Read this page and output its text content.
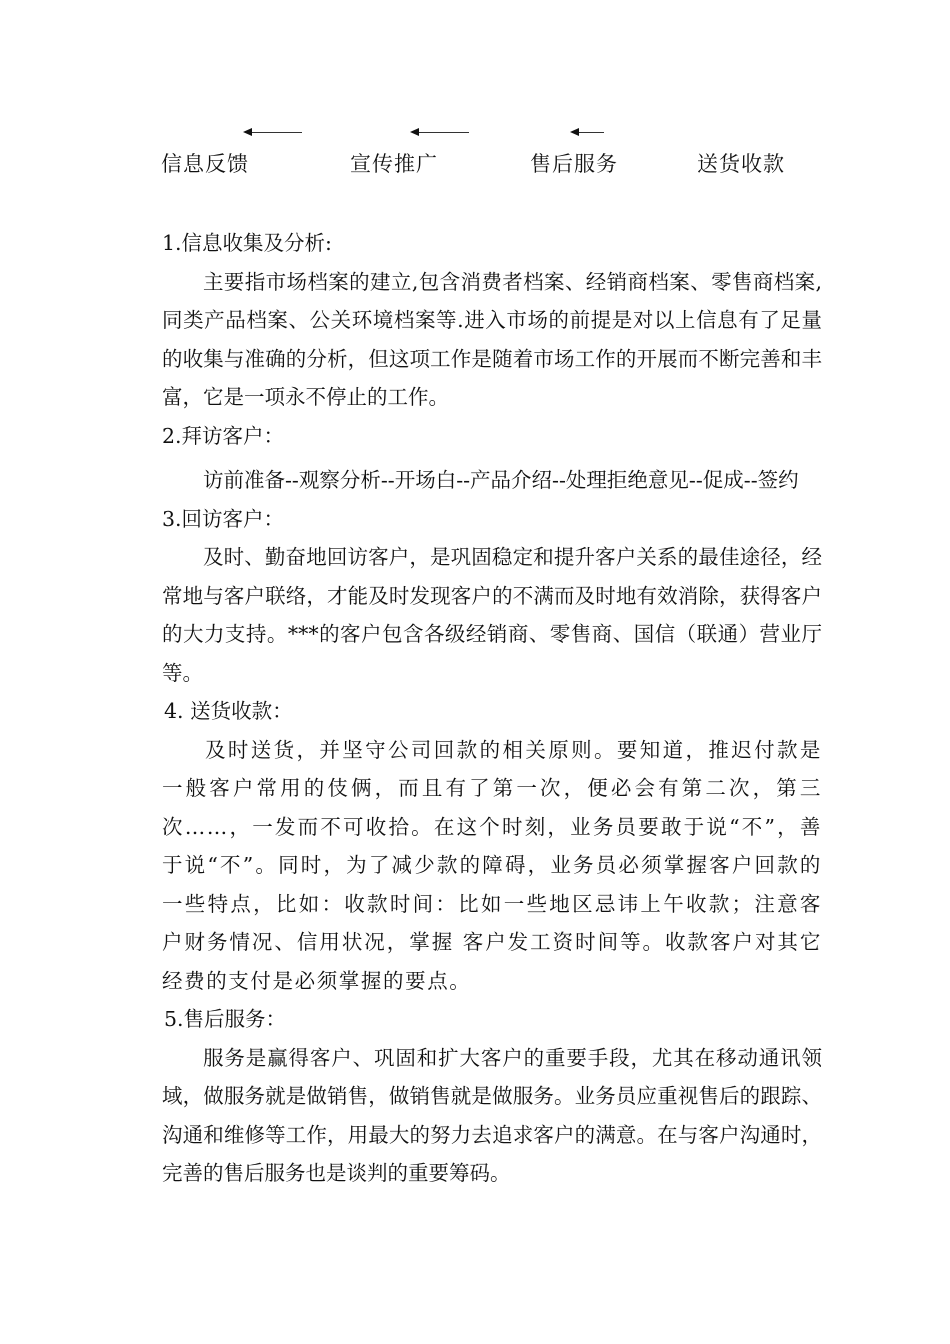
信息反馈	宣传推广	售后服务	送货收款

1.信息收集及分析:

主要指市场档案的建立,包含消费者档案、经销商档案、零售商档案,同类产品档案、公关环境档案等.进入市场的前提是对以上信息有了足量的收集与准确的分析，但这项工作是随着市场工作的开展而不断完善和丰富，它是一项永不停止的工作。

2.拜访客户：

访前准备--观察分析--开场白--产品介绍--处理拒绝意见--促成--签约

3.回访客户：

及时、勤奋地回访客户，是巩固稳定和提升客户关系的最佳途径，经常地与客户联络，才能及时发现客户的不满而及时地有效消除，获得客户的大力支持。***的客户包含各级经销商、零售商、国信（联通）营业厅等。

4. 送货收款：

及时送货，并坚守公司回款的相关原则。要知道，推迟付款是一般客户常用的伎俩，而且有了第一次，便必会有第二次，第三次……，一发而不可收拾。在这个时刻，业务员要敢于说“不”，善于说“不”。同时，为了减少款的障碍，业务员必须掌握客户回款的一些特点，比如：收款时间：比如一些地区忌讳上午收款；注意客户财务情况、信用状况，掌握 客户发工资时间等。收款客户对其它经费的支付是必须掌握的要点。

5.售后服务：

服务是赢得客户、巩固和扩大客户的重要手段，尤其在移动通讯领域，做服务就是做销售，做销售就是做服务。业务员应重视售后的跟踪、沟通和维修等工作，用最大的努力去追求客户的满意。在与客户沟通时，完善的售后服务也是谈判的重要筹码。
